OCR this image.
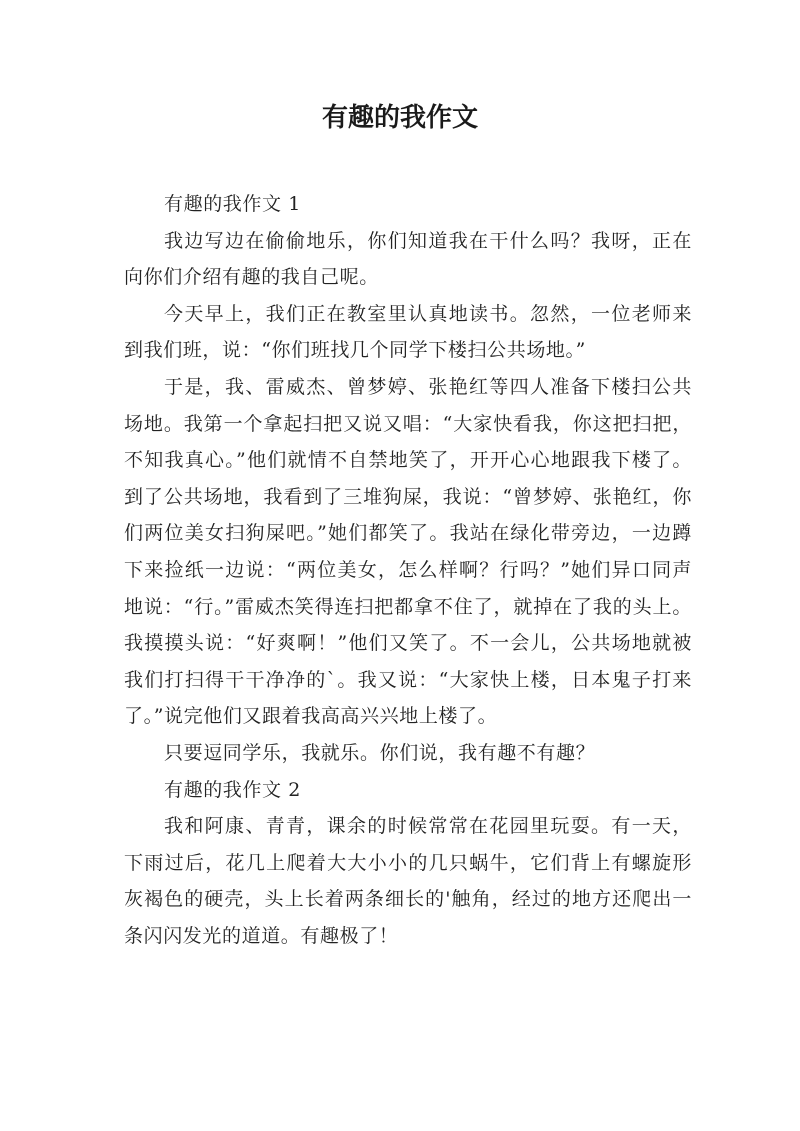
有趣的我作文

有趣的我作文 1

我边写边在偷偷地乐，你们知道我在干什么吗？我呀，正在向你们介绍有趣的我自己呢。

今天早上，我们正在教室里认真地读书。忽然，一位老师来到我们班，说：“你们班找几个同学下楼扫公共场地。”

于是，我、雷威杰、曾梦婷、张艳红等四人准备下楼扫公共场地。我第一个拿起扫把又说又唱：“大家快看我，你这把扫把，不知我真心。”他们就情不自禁地笑了，开开心心地跟我下楼了。到了公共场地，我看到了三堆狗屎，我说：“曾梦婷、张艳红，你们两位美女扫狗屎吧。”她们都笑了。我站在绿化带旁边，一边蹲下来捡纸一边说：“两位美女，怎么样啊？行吗？”她们异口同声地说：“行。”雷威杰笑得连扫把都拿不住了，就掉在了我的头上。我摸摸头说：“好爽啊！”他们又笑了。不一会儿，公共场地就被我们打扫得干干净净的`。我又说：“大家快上楼，日本鬼子打来了。”说完他们又跟着我高高兴兴地上楼了。

只要逗同学乐，我就乐。你们说，我有趣不有趣？

有趣的我作文 2

我和阿康、青青，课余的时候常常在花园里玩耍。有一天，下雨过后，花几上爬着大大小小的几只蜗牛，它们背上有螺旋形灰褐色的硬壳，头上长着两条细长的'触角，经过的地方还爬出一条闪闪发光的道道。有趣极了！
